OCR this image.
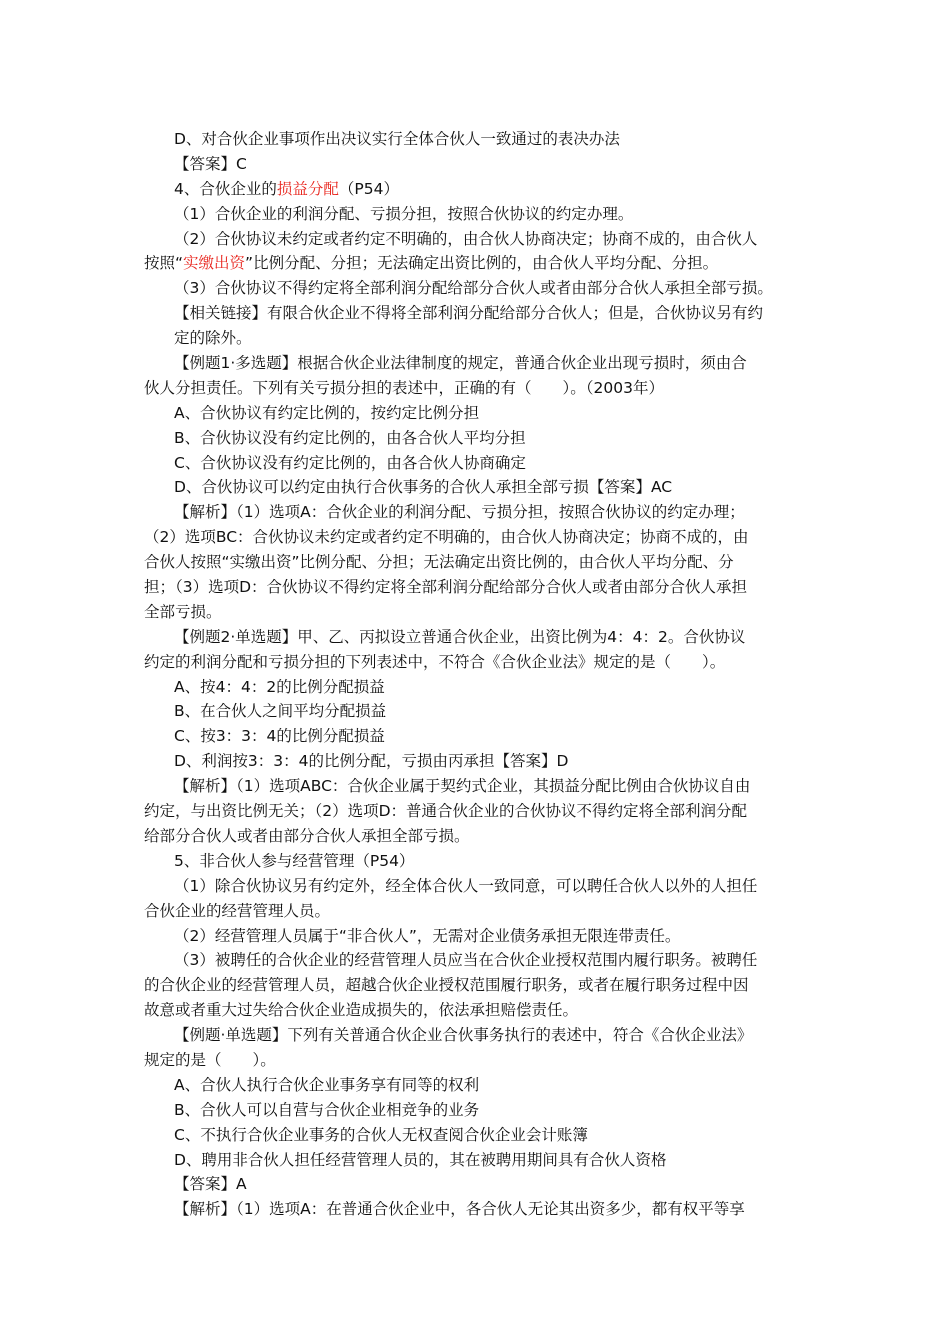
D、对合伙企业事项作出决议实行全体合伙人一致通过的表决办法
【答案】C
4、合伙企业的损益分配（P54）
（1）合伙企业的利润分配、亏损分担，按照合伙协议的约定办理。
（2）合伙协议未约定或者约定不明确的，由合伙人协商决定；协商不成的，由合伙人
按照“实缴出资”比例分配、分担；无法确定出资比例的，由合伙人平均分配、分担。
（3）合伙协议不得约定将全部利润分配给部分合伙人或者由部分合伙人承担全部亏损。
【相关链接】有限合伙企业不得将全部利润分配给部分合伙人；但是，合伙协议另有约
定的除外。
【例题1·多选题】根据合伙企业法律制度的规定，普通合伙企业出现亏损时，须由合
伙人分担责任。下列有关亏损分担的表述中，正确的有（　　）。（2003年）
A、合伙协议有约定比例的，按约定比例分担
B、合伙协议没有约定比例的，由各合伙人平均分担
C、合伙协议没有约定比例的，由各合伙人协商确定
D、合伙协议可以约定由执行合伙事务的合伙人承担全部亏损【答案】AC
【解析】（1）选项A：合伙企业的利润分配、亏损分担，按照合伙协议的约定办理；
（2）选项BC：合伙协议未约定或者约定不明确的，由合伙人协商决定；协商不成的，由
合伙人按照“实缴出资”比例分配、分担；无法确定出资比例的，由合伙人平均分配、分
担；（3）选项D：合伙协议不得约定将全部利润分配给部分合伙人或者由部分合伙人承担
全部亏损。
【例题2·单选题】甲、乙、丙拟设立普通合伙企业，出资比例为4：4：2。合伙协议
约定的利润分配和亏损分担的下列表述中，不符合《合伙企业法》规定的是（　　）。
A、按4：4：2的比例分配损益
B、在合伙人之间平均分配损益
C、按3：3：4的比例分配损益
D、利润按3：3：4的比例分配，亏损由丙承担【答案】D
【解析】（1）选项ABC：合伙企业属于契约式企业，其损益分配比例由合伙协议自由
约定，与出资比例无关；（2）选项D：普通合伙企业的合伙协议不得约定将全部利润分配
给部分合伙人或者由部分合伙人承担全部亏损。
5、非合伙人参与经营管理（P54）
（1）除合伙协议另有约定外，经全体合伙人一致同意，可以聘任合伙人以外的人担任
合伙企业的经营管理人员。
（2）经营管理人员属于“非合伙人”，无需对企业债务承担无限连带责任。
（3）被聘任的合伙企业的经营管理人员应当在合伙企业授权范围内履行职务。被聘任
的合伙企业的经营管理人员，超越合伙企业授权范围履行职务，或者在履行职务过程中因
故意或者重大过失给合伙企业造成损失的，依法承担赔偿责任。
【例题·单选题】下列有关普通合伙企业合伙事务执行的表述中，符合《合伙企业法》
规定的是（　　）。
A、合伙人执行合伙企业事务享有同等的权利
B、合伙人可以自营与合伙企业相竞争的业务
C、不执行合伙企业事务的合伙人无权查阅合伙企业会计账簿
D、聘用非合伙人担任经营管理人员的，其在被聘用期间具有合伙人资格
【答案】A
【解析】（1）选项A：在普通合伙企业中，各合伙人无论其出资多少，都有权平等享
